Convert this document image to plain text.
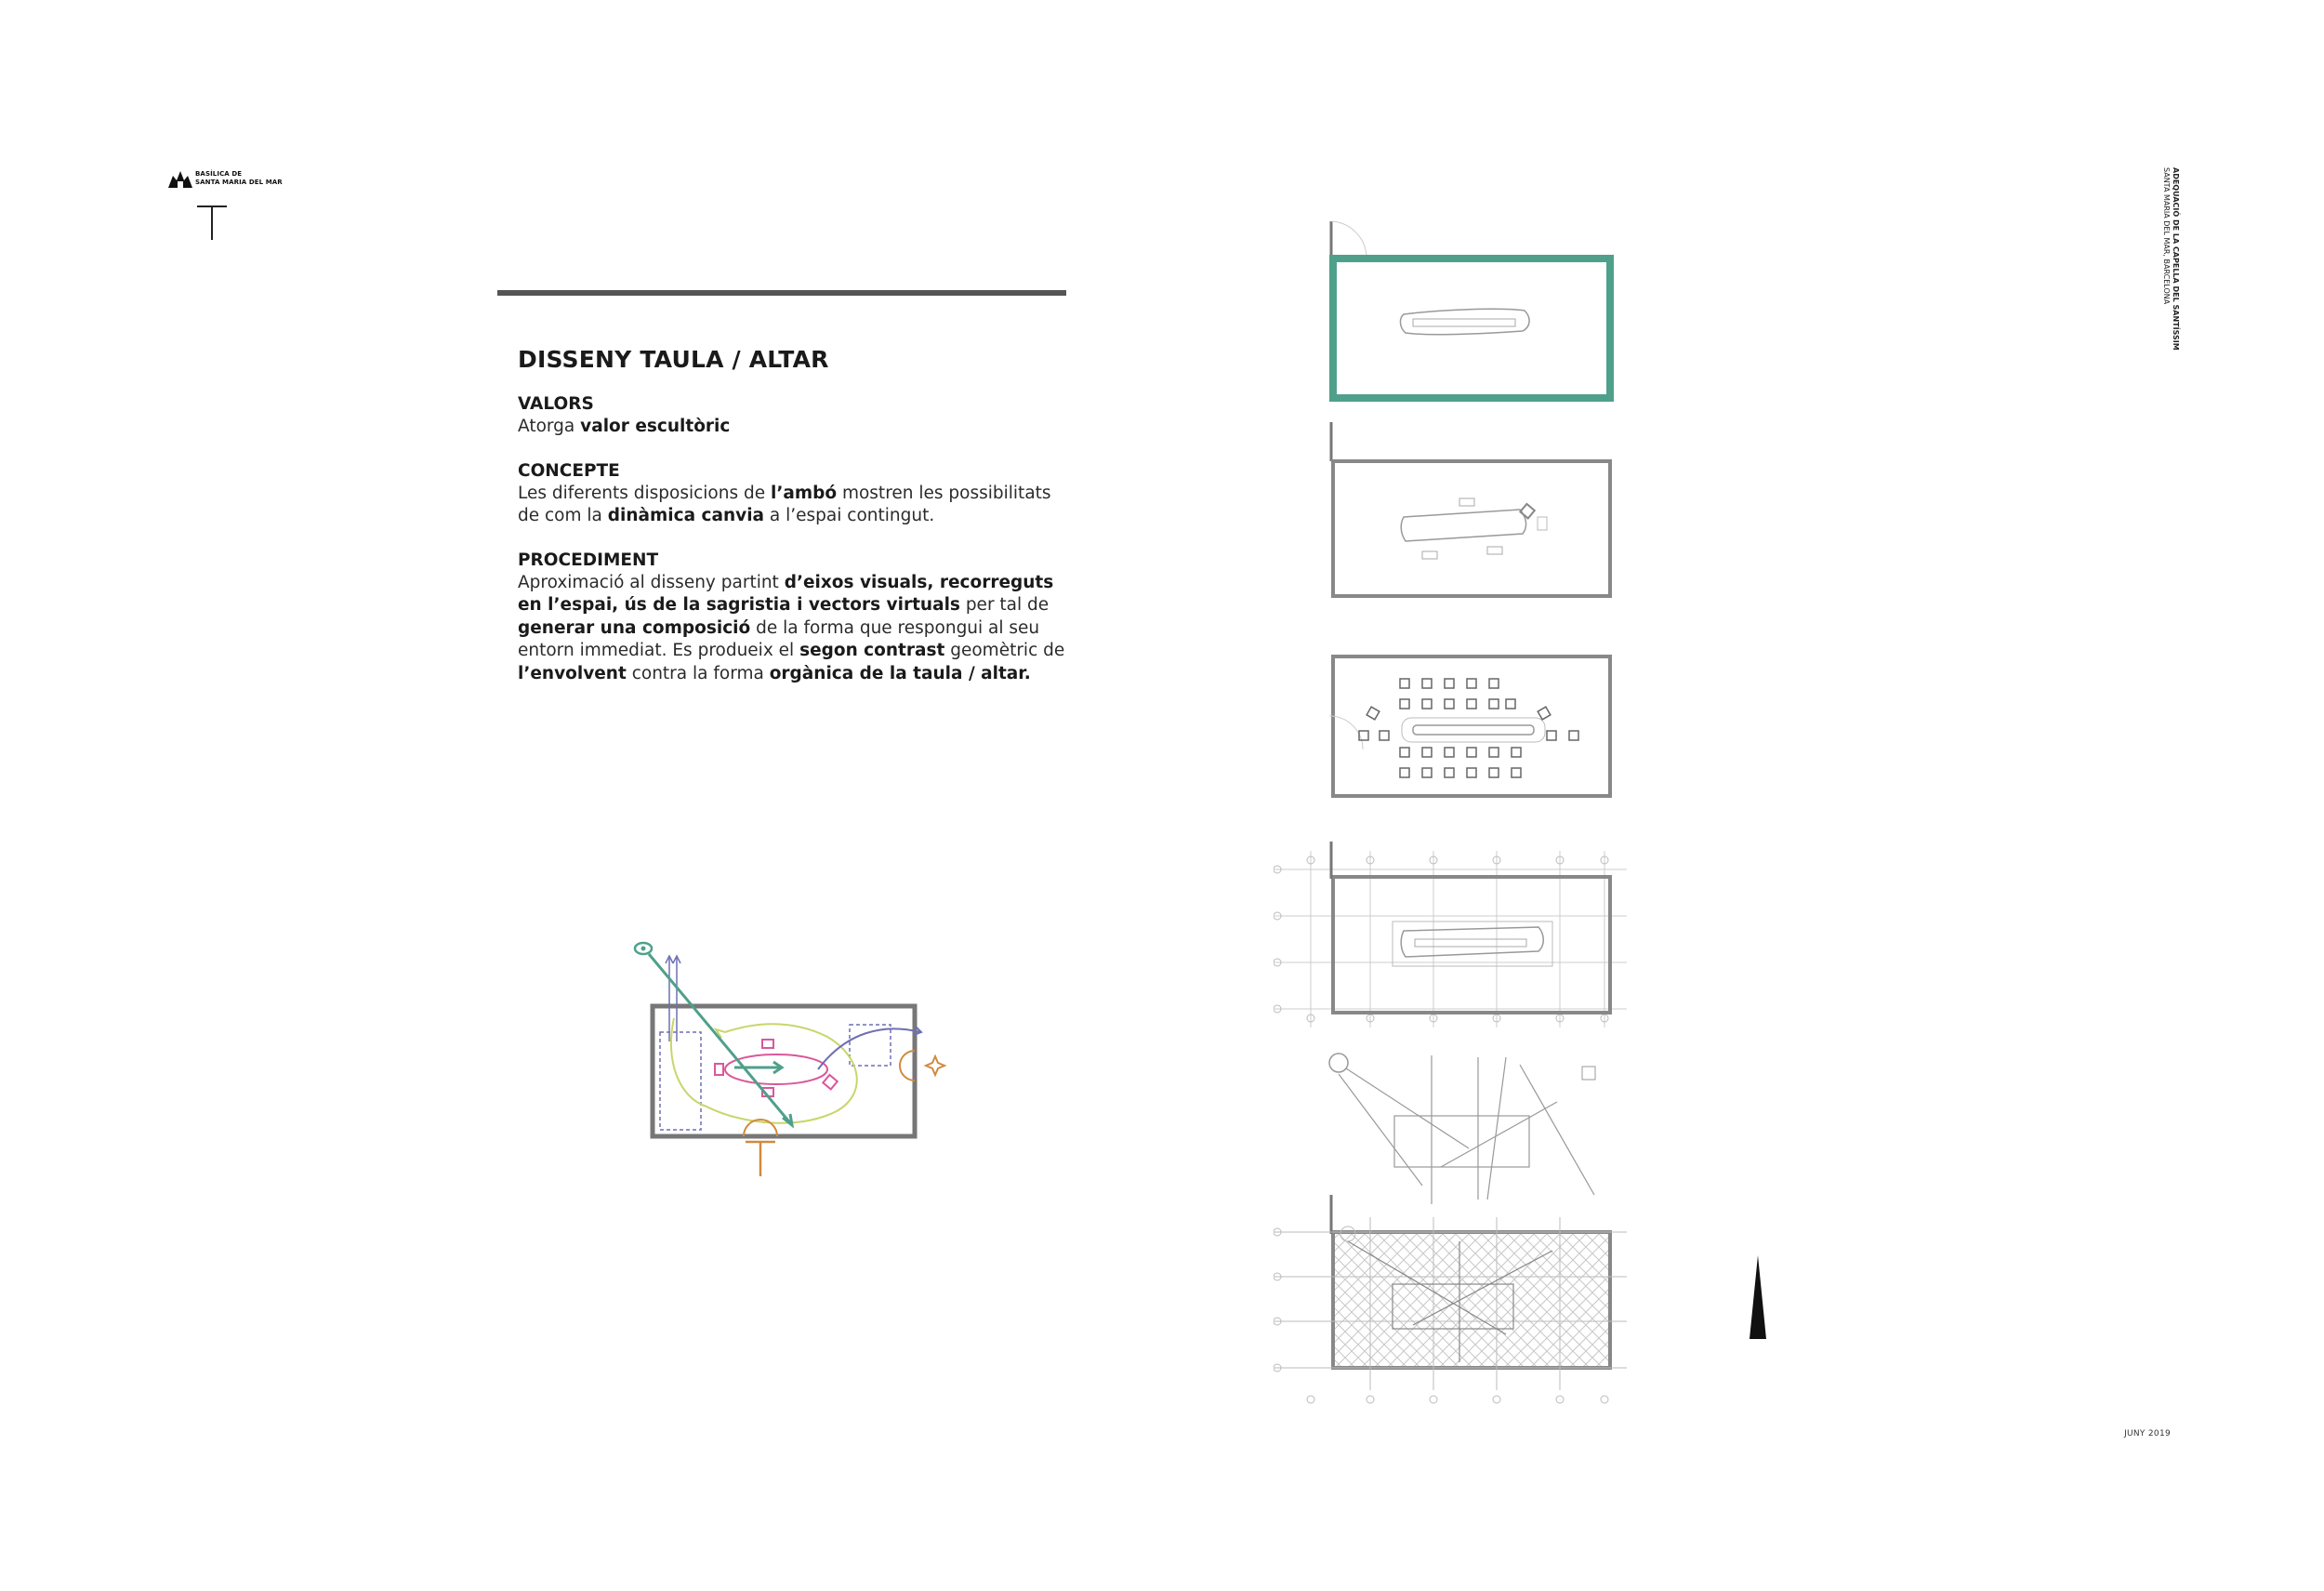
BASÍLICA DE
SANTA MARIA DEL MAR
DISSENY TAULA / ALTAR
VALORS
Atorga valor escultòric
CONCEPTE
Les diferents disposicions de l’ambó mostren les possibilitats de com la dinàmica canvia a l’espai contingut.
PROCEDIMENT
Aproximació al disseny partint d’eixos visuals, recorreguts en l’espai, ús de la sagristia i vectors virtuals per tal de generar una composició de la forma que respongui al seu entorn immediat. Es produeix el segon contrast geomètric de l’envolvent contra la forma orgànica de la taula / altar.
ADEQUACIÓ DE LA CAPELLA DEL SANTÍSSIM
SANTA MARIA DEL MAR, BARCELONA
JUNY 2019
